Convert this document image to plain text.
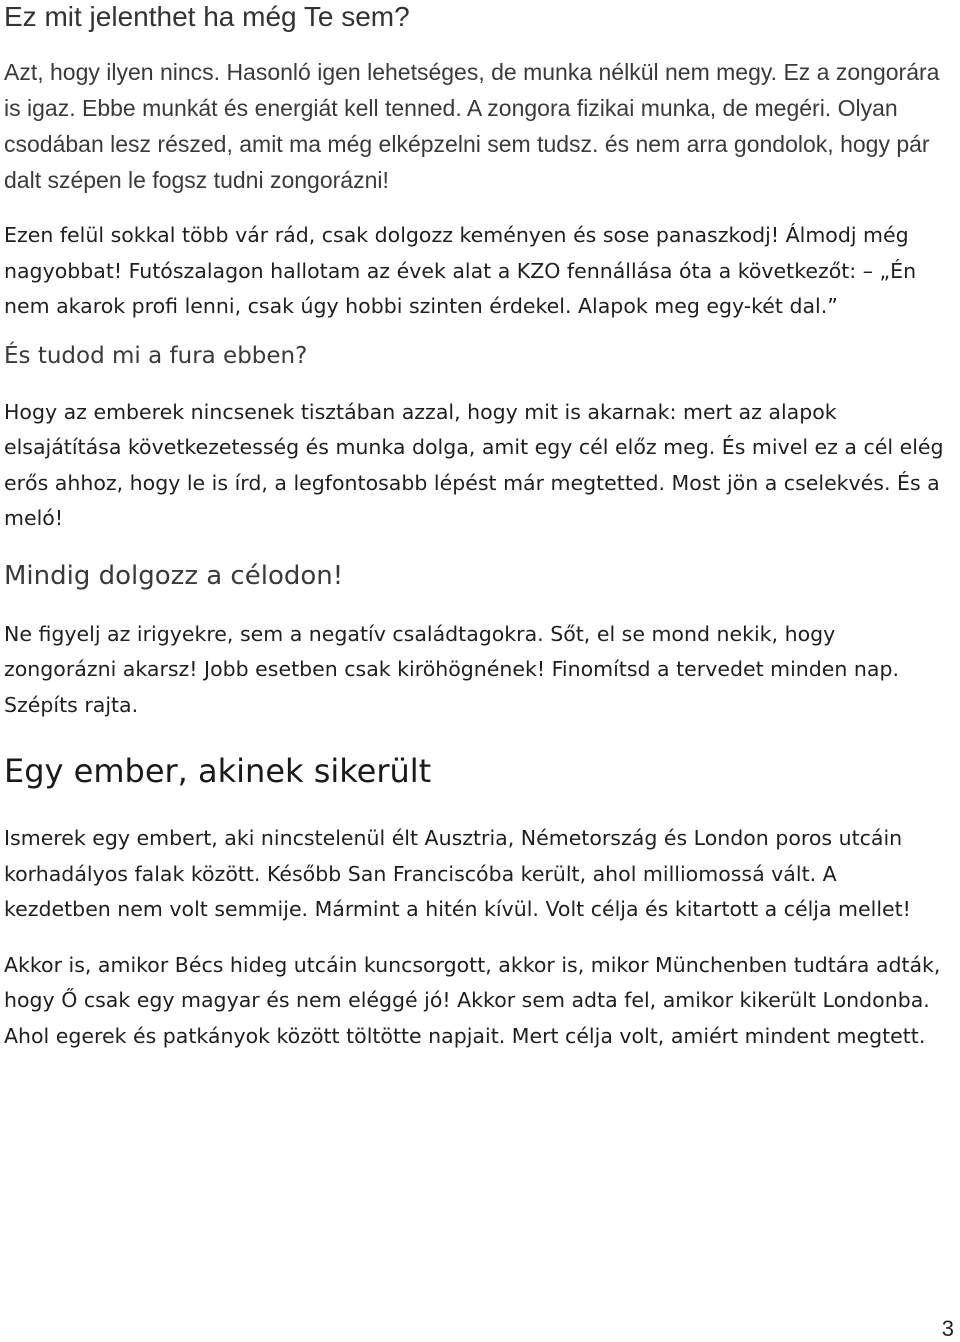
Ez mit jelenthet ha még Te sem?

Azt, hogy ilyen nincs. Hasonló igen lehetséges, de munka nélkül nem megy. Ez a zongorára is igaz. Ebbe munkát és energiát kell tenned. A zongora fizikai munka, de megéri. Olyan csodában lesz részed, amit ma még elképzelni sem tudsz. és nem arra gondolok, hogy pár dalt szépen le fogsz tudni zongorázni!

Ezen felül sokkal több vár rád, csak dolgozz keményen és sose panaszkodj! Álmodj még nagyobbat! Futószalagon hallotam az évek alat a KZO fennállása óta a következőt: – „Én nem akarok profi lenni, csak úgy hobbi szinten érdekel. Alapok meg egy-két dal.”

És tudod mi a fura ebben?

Hogy az emberek nincsenek tisztában azzal, hogy mit is akarnak: mert az alapok elsajátítása következetesség és munka dolga, amit egy cél előz meg. És mivel ez a cél elég erős ahhoz, hogy le is írd, a legfontosabb lépést már megtetted. Most jön a cselekvés. És a meló!

Mindig dolgozz a célodon!

Ne figyelj az irigyekre, sem a negatív családtagokra. Sőt, el se mond nekik, hogy zongorázni akarsz! Jobb esetben csak kiröhögnének! Finomítsd a tervedet minden nap. Szépíts rajta.

Egy ember, akinek sikerült

Ismerek egy embert, aki nincstelenül élt Ausztria, Németország és London poros utcáin korhadályos falak között. Később San Franciscóba került, ahol milliomossá vált. A kezdetben nem volt semmije. Mármint a hitén kívül. Volt célja és kitartott a célja mellet!

Akkor is, amikor Bécs hideg utcáin kuncsorgott, akkor is, mikor Münchenben tudtára adták, hogy Ő csak egy magyar és nem eléggé jó! Akkor sem adta fel, amikor kikerült Londonba. Ahol egerek és patkányok között töltötte napjait. Mert célja volt, amiért mindent megtett.

3
